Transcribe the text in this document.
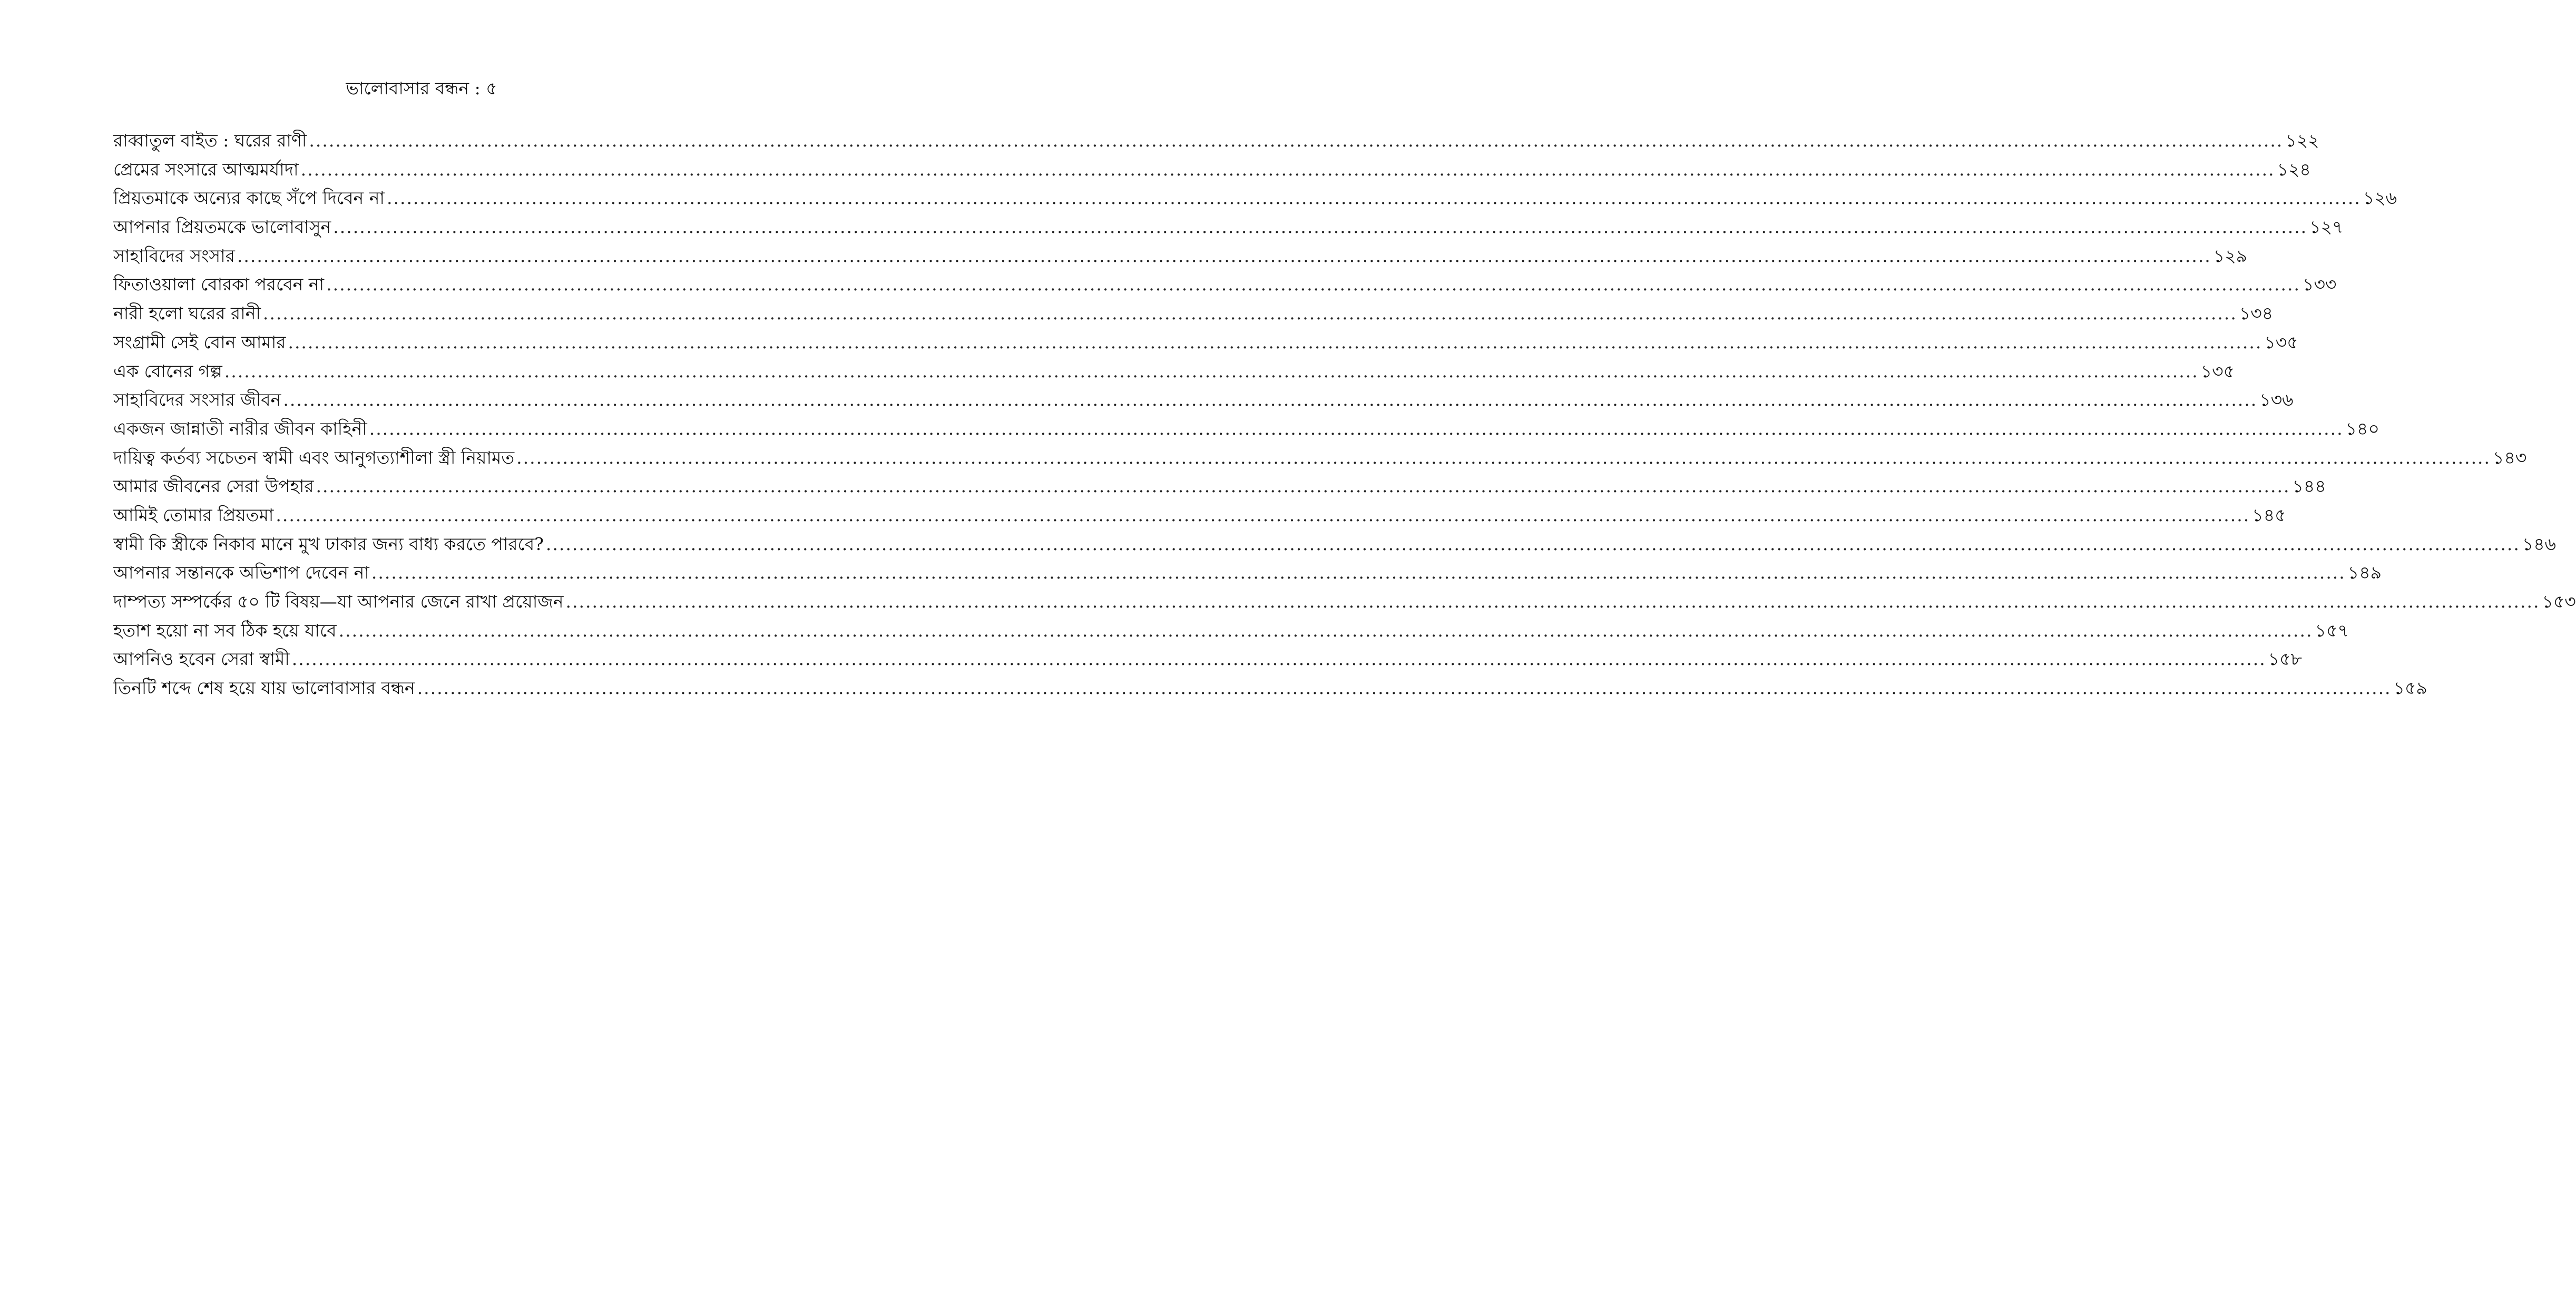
ভালোবাসার বন্ধন : ৫
রাব্বাতুল বাইত : ঘরের রাণী ............................................................................................................................................................................................................................................................................................................ ১২২
প্রেমের সংসারে আত্মমর্যাদা ............................................................................................................................................................................................................................................................................................................ ১২৪
প্রিয়তমাকে অন্যের কাছে সঁপে দিবেন না ............................................................................................................................................................................................................................................................................................................ ১২৬
আপনার প্রিয়তমকে ভালোবাসুন ............................................................................................................................................................................................................................................................................................................ ১২৭
সাহাবিদের সংসার ............................................................................................................................................................................................................................................................................................................ ১২৯
ফিতাওয়ালা বোরকা পরবেন না ............................................................................................................................................................................................................................................................................................................ ১৩৩
নারী হলো ঘরের রানী ............................................................................................................................................................................................................................................................................................................ ১৩৪
সংগ্রামী সেই বোন আমার ............................................................................................................................................................................................................................................................................................................ ১৩৫
এক বোনের গল্প ............................................................................................................................................................................................................................................................................................................ ১৩৫
সাহাবিদের সংসার জীবন ............................................................................................................................................................................................................................................................................................................ ১৩৬
একজন জান্নাতী নারীর জীবন কাহিনী ............................................................................................................................................................................................................................................................................................................ ১৪০
দায়িত্ব কর্তব্য সচেতন স্বামী এবং আনুগত্যাশীলা স্ত্রী নিয়ামত ............................................................................................................................................................................................................................................................................................................ ১৪৩
আমার জীবনের সেরা উপহার ............................................................................................................................................................................................................................................................................................................ ১৪৪
আমিই তোমার প্রিয়তমা ............................................................................................................................................................................................................................................................................................................ ১৪৫
স্বামী কি স্ত্রীকে নিকাব মানে মুখ ঢাকার জন্য বাধ্য করতে পারবে? ............................................................................................................................................................................................................................................................................................................ ১৪৬
আপনার সন্তানকে অভিশাপ দেবেন না ............................................................................................................................................................................................................................................................................................................ ১৪৯
দাম্পত্য সম্পর্কের ৫০ টি বিষয়—যা আপনার জেনে রাখা প্রয়োজন ............................................................................................................................................................................................................................................................................................................ ১৫৩
হতাশ হয়ো না সব ঠিক হয়ে যাবে ............................................................................................................................................................................................................................................................................................................ ১৫৭
আপনিও হবেন সেরা স্বামী ............................................................................................................................................................................................................................................................................................................ ১৫৮
তিনটি শব্দে শেষ হয়ে যায় ভালোবাসার বন্ধন ............................................................................................................................................................................................................................................................................................................ ১৫৯
